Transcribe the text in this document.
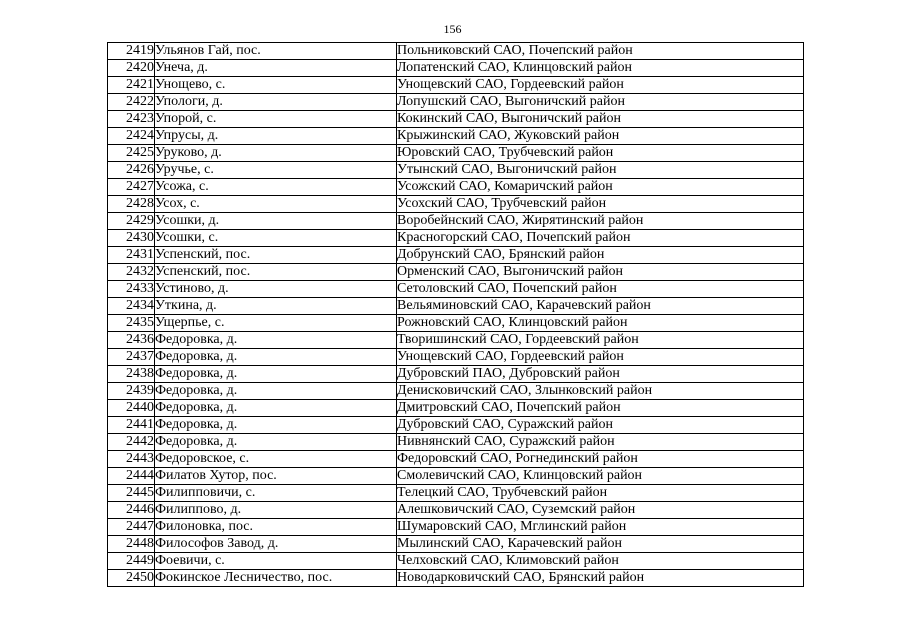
156
2419	Ульянов Гай, пос.	Польниковский САО, Почепский район
2420	Унеча, д.	Лопатенский САО, Клинцовский район
2421	Унощево, с.	Унощевский САО, Гордеевский район
2422	Упологи, д.	Лопушский САО, Выгоничский район
2423	Упорой, с.	Кокинский САО, Выгоничский район
2424	Упрусы, д.	Крыжинский САО, Жуковский район
2425	Уруково, д.	Юровский САО, Трубчевский район
2426	Уручье, с.	Утынский САО, Выгоничский район
2427	Усожа, с.	Усожский САО, Комаричский район
2428	Усох, с.	Усохский САО, Трубчевский район
2429	Усошки, д.	Воробейнский САО, Жирятинский район
2430	Усошки, с.	Красногорский САО, Почепский район
2431	Успенский, пос.	Добрунский САО, Брянский район
2432	Успенский, пос.	Орменский САО, Выгоничский район
2433	Устиново, д.	Сетоловский САО, Почепский район
2434	Уткина, д.	Вельяминовский САО, Карачевский район
2435	Ущерпье, с.	Рожновский САО, Клинцовский район
2436	Федоровка, д.	Творишинский САО, Гордеевский район
2437	Федоровка, д.	Унощевский САО, Гордеевский район
2438	Федоровка, д.	Дубровский ПАО, Дубровский район
2439	Федоровка, д.	Денисковичский САО, Злынковский район
2440	Федоровка, д.	Дмитровский САО, Почепский район
2441	Федоровка, д.	Дубровский САО, Суражский район
2442	Федоровка, д.	Нивнянский САО, Суражский район
2443	Федоровское, с.	Федоровский САО, Рогнединский район
2444	Филатов Хутор, пос.	Смолевичский САО, Клинцовский район
2445	Филипповичи, с.	Телецкий САО, Трубчевский район
2446	Филиппово, д.	Алешковичский САО, Суземский район
2447	Филоновка, пос.	Шумаровский САО, Мглинский район
2448	Философов Завод, д.	Мылинский САО, Карачевский район
2449	Фоевичи, с.	Челховский САО, Климовский район
2450	Фокинское Лесничество, пос.	Новодарковичский САО, Брянский район
